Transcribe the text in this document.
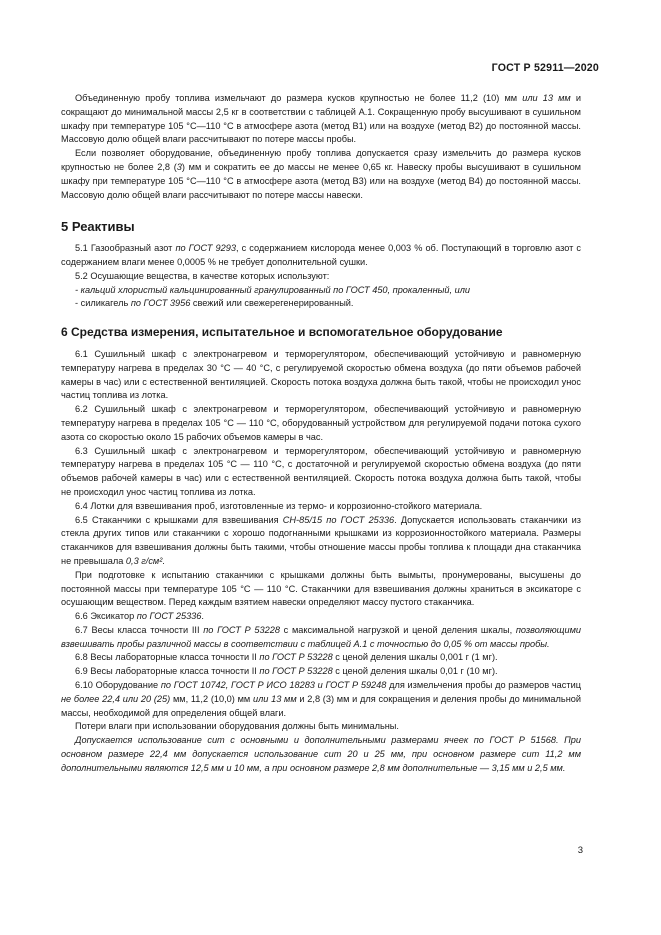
ГОСТ Р 52911—2020

Объединенную пробу топлива измельчают до размера кусков крупностью не более 11,2 (10) мм или 13 мм и сокращают до минимальной массы 2,5 кг в соответствии с таблицей А.1. Сокращенную пробу высушивают в сушильном шкафу при температуре 105 °С—110 °С в атмосфере азота (метод В1) или на воздухе (метод В2) до постоянной массы. Массовую долю общей влаги рассчитывают по потере массы пробы.

Если позволяет оборудование, объединенную пробу топлива допускается сразу измельчить до размера кусков крупностью не более 2,8 (3) мм и сократить ее до массы не менее 0,65 кг. Навеску пробы высушивают в сушильном шкафу при температуре 105 °С—110 °С в атмосфере азота (метод В3) или на воздухе (метод В4) до постоянной массы. Массовую долю общей влаги рассчитывают по потере массы навески.

5 Реактивы

5.1 Газообразный азот по ГОСТ 9293, с содержанием кислорода менее 0,003 % об. Поступающий в торговлю азот с содержанием влаги менее 0,0005 % не требует дополнительной сушки.

5.2 Осушающие вещества, в качестве которых используют:

- кальций хлористый кальцинированный гранулированный по ГОСТ 450, прокаленный, или

- силикагель по ГОСТ 3956 свежий или свежерегенерированный.

6 Средства измерения, испытательное и вспомогательное оборудование

6.1 Сушильный шкаф с электронагревом и терморегулятором, обеспечивающий устойчивую и равномерную температуру нагрева в пределах 30 °С — 40 °С, с регулируемой скоростью обмена воздуха (до пяти объемов рабочей камеры в час) или с естественной вентиляцией. Скорость потока воздуха должна быть такой, чтобы не происходил унос частиц топлива из лотка.

6.2 Сушильный шкаф с электронагревом и терморегулятором, обеспечивающий устойчивую и равномерную температуру нагрева в пределах 105 °С — 110 °С, оборудованный устройством для регулируемой подачи потока сухого азота со скоростью около 15 рабочих объемов камеры в час.

6.3 Сушильный шкаф с электронагревом и терморегулятором, обеспечивающий устойчивую и равномерную температуру нагрева в пределах 105 °С — 110 °С, с достаточной и регулируемой скоростью обмена воздуха (до пяти объемов рабочей камеры в час) или с естественной вентиляцией. Скорость потока воздуха должна быть такой, чтобы не происходил унос частиц топлива из лотка.

6.4 Лотки для взвешивания проб, изготовленные из термо- и коррозионно-стойкого материала.

6.5 Стаканчики с крышками для взвешивания СН-85/15 по ГОСТ 25336. Допускается использовать стаканчики из стекла других типов или стаканчики с хорошо подогнанными крышками из коррозионностойкого материала. Размеры стаканчиков для взвешивания должны быть такими, чтобы отношение массы пробы топлива к площади дна стаканчика не превышала 0,3 г/см².

При подготовке к испытанию стаканчики с крышками должны быть вымыты, пронумерованы, высушены до постоянной массы при температуре 105 °С — 110 °С. Стаканчики для взвешивания должны храниться в эксикаторе с осушающим веществом. Перед каждым взятием навески определяют массу пустого стаканчика.

6.6 Эксикатор по ГОСТ 25336.

6.7 Весы класса точности III по ГОСТ Р 53228 с максимальной нагрузкой и ценой деления шкалы, позволяющими взвешивать пробы различной массы в соответствии с таблицей А.1 с точностью до 0,05 % от массы пробы.

6.8 Весы лабораторные класса точности II по ГОСТ Р 53228 с ценой деления шкалы 0,001 г (1 мг).

6.9 Весы лабораторные класса точности II по ГОСТ Р 53228 с ценой деления шкалы 0,01 г (10 мг).

6.10 Оборудование по ГОСТ 10742, ГОСТ Р ИСО 18283 и ГОСТ Р 59248 для измельчения пробы до размеров частиц не более 22,4 или 20 (25) мм, 11,2 (10,0) мм или 13 мм и 2,8 (3) мм и для сокращения и деления пробы до минимальной массы, необходимой для определения общей влаги.

Потери влаги при использовании оборудования должны быть минимальны.

Допускается использование сит с основными и дополнительными размерами ячеек по ГОСТ Р 51568. При основном размере 22,4 мм допускается использование сит 20 и 25 мм, при основном размере сит 11,2 мм дополнительными являются 12,5 мм и 10 мм, а при основном размере 2,8 мм дополнительные — 3,15 мм и 2,5 мм.

3
